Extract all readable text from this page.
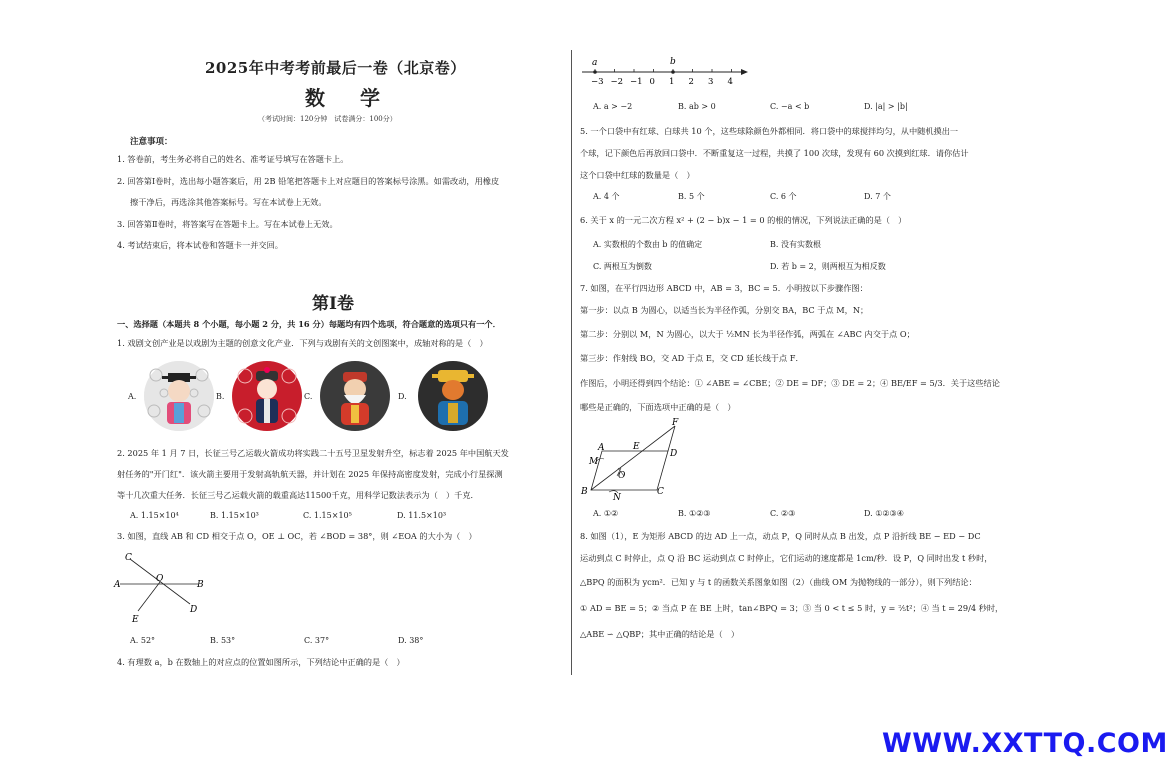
2025年中考考前最后一卷（北京卷）
数 学
（考试时间：120分钟　试卷满分：100分）
注意事项：
1. 答卷前，考生务必将自己的姓名、准考证号填写在答题卡上。
2. 回答第Ⅰ卷时，选出每小题答案后，用 2B 铅笔把答题卡上对应题目的答案标号涂黑。如需改动，用橡皮
擦干净后，再选涂其他答案标号。写在本试卷上无效。
3. 回答第Ⅱ卷时，将答案写在答题卡上。写在本试卷上无效。
4. 考试结束后，将本试卷和答题卡一并交回。
第Ⅰ卷
一、选择题（本题共 8 个小题，每小题 2 分，共 16 分）每题均有四个选项，符合题意的选项只有一个．
1. 戏剧文创产业是以戏剧为主题的创意文化产业．下列与戏剧有关的文创图案中，成轴对称的是（　）
A.	B.	C.	D.
2. 2025 年 1 月 7 日，长征三号乙运载火箭成功将实践二十五号卫星发射升空，标志着 2025 年中国航天发
射任务的"开门红"．该火箭主要用于发射高轨航天器，并计划在 2025 年保持高密度发射，完成小行星探测
等十几次重大任务．长征三号乙运载火箭的载重高达11500千克，用科学记数法表示为（　）千克．
A. 1.15×10⁴	B. 1.15×10³	C. 1.15×10⁵	D. 11.5×10³
3. 如图，直线 AB 和 CD 相交于点 O，OE ⊥ OC，若 ∠BOD = 38°，则 ∠EOA 的大小为（　）
C
A
O
B
E
D
A. 52°	B. 53°	C. 37°	D. 38°
4. 有理数 a，b 在数轴上的对应点的位置如图所示，下列结论中正确的是（　）
−3 −2 −1 0 1 2 3 4
a	b
A. a > −2	B. ab > 0	C. −a < b	D. |a| > |b|
5. 一个口袋中有红球、白球共 10 个，这些球除颜色外都相同．将口袋中的球搅拌均匀，从中随机摸出一
个球，记下颜色后再放回口袋中．不断重复这一过程，共摸了 100 次球，发现有 60 次摸到红球．请你估计
这个口袋中红球的数量是（　）
A. 4 个	B. 5 个	C. 6 个	D. 7 个
6. 关于 x 的一元二次方程 x² + (2 − b)x − 1 = 0 的根的情况，下列说法正确的是（　）
A. 实数根的个数由 b 的值确定	B. 没有实数根
C. 两根互为倒数	D. 若 b = 2，则两根互为相反数
7. 如图，在平行四边形 ABCD 中，AB = 3，BC = 5．小明按以下步骤作图：
第一步：以点 B 为圆心，以适当长为半径作弧，分别交 BA，BC 于点 M，N；
第二步：分别以 M，N 为圆心，以大于 ½MN 长为半径作弧，两弧在 ∠ABC 内交于点 O；
第三步：作射线 BO，交 AD 于点 E，交 CD 延长线于点 F．
作图后，小明还得到四个结论：① ∠ABE = ∠CBE；② DE = DF；③ DE = 2；④ BE/EF = 5/3．关于这些结论
哪些是正确的，下面选项中正确的是（　）
F
A	E
D
M
O
B
N
C
A. ①②	B. ①②③	C. ②③	D. ①②③④
8. 如图（1），E 为矩形 ABCD 的边 AD 上一点，动点 P，Q 同时从点 B 出发，点 P 沿折线 BE − ED − DC
运动到点 C 时停止，点 Q 沿 BC 运动到点 C 时停止，它们运动的速度都是 1cm/秒．设 P，Q 同时出发 t 秒时，
△BPQ 的面积为 ycm²．已知 y 与 t 的函数关系图象如图（2）（曲线 OM 为抛物线的一部分），则下列结论：
① AD = BE = 5；② 当点 P 在 BE 上时，tan∠BPQ = 3；③ 当 0 < t ≤ 5 时，y = ⅖t²；④ 当 t = 29/4 秒时，
△ABE ∽ △QBP；其中正确的结论是（　）
WWW.XXTTQ.COM
